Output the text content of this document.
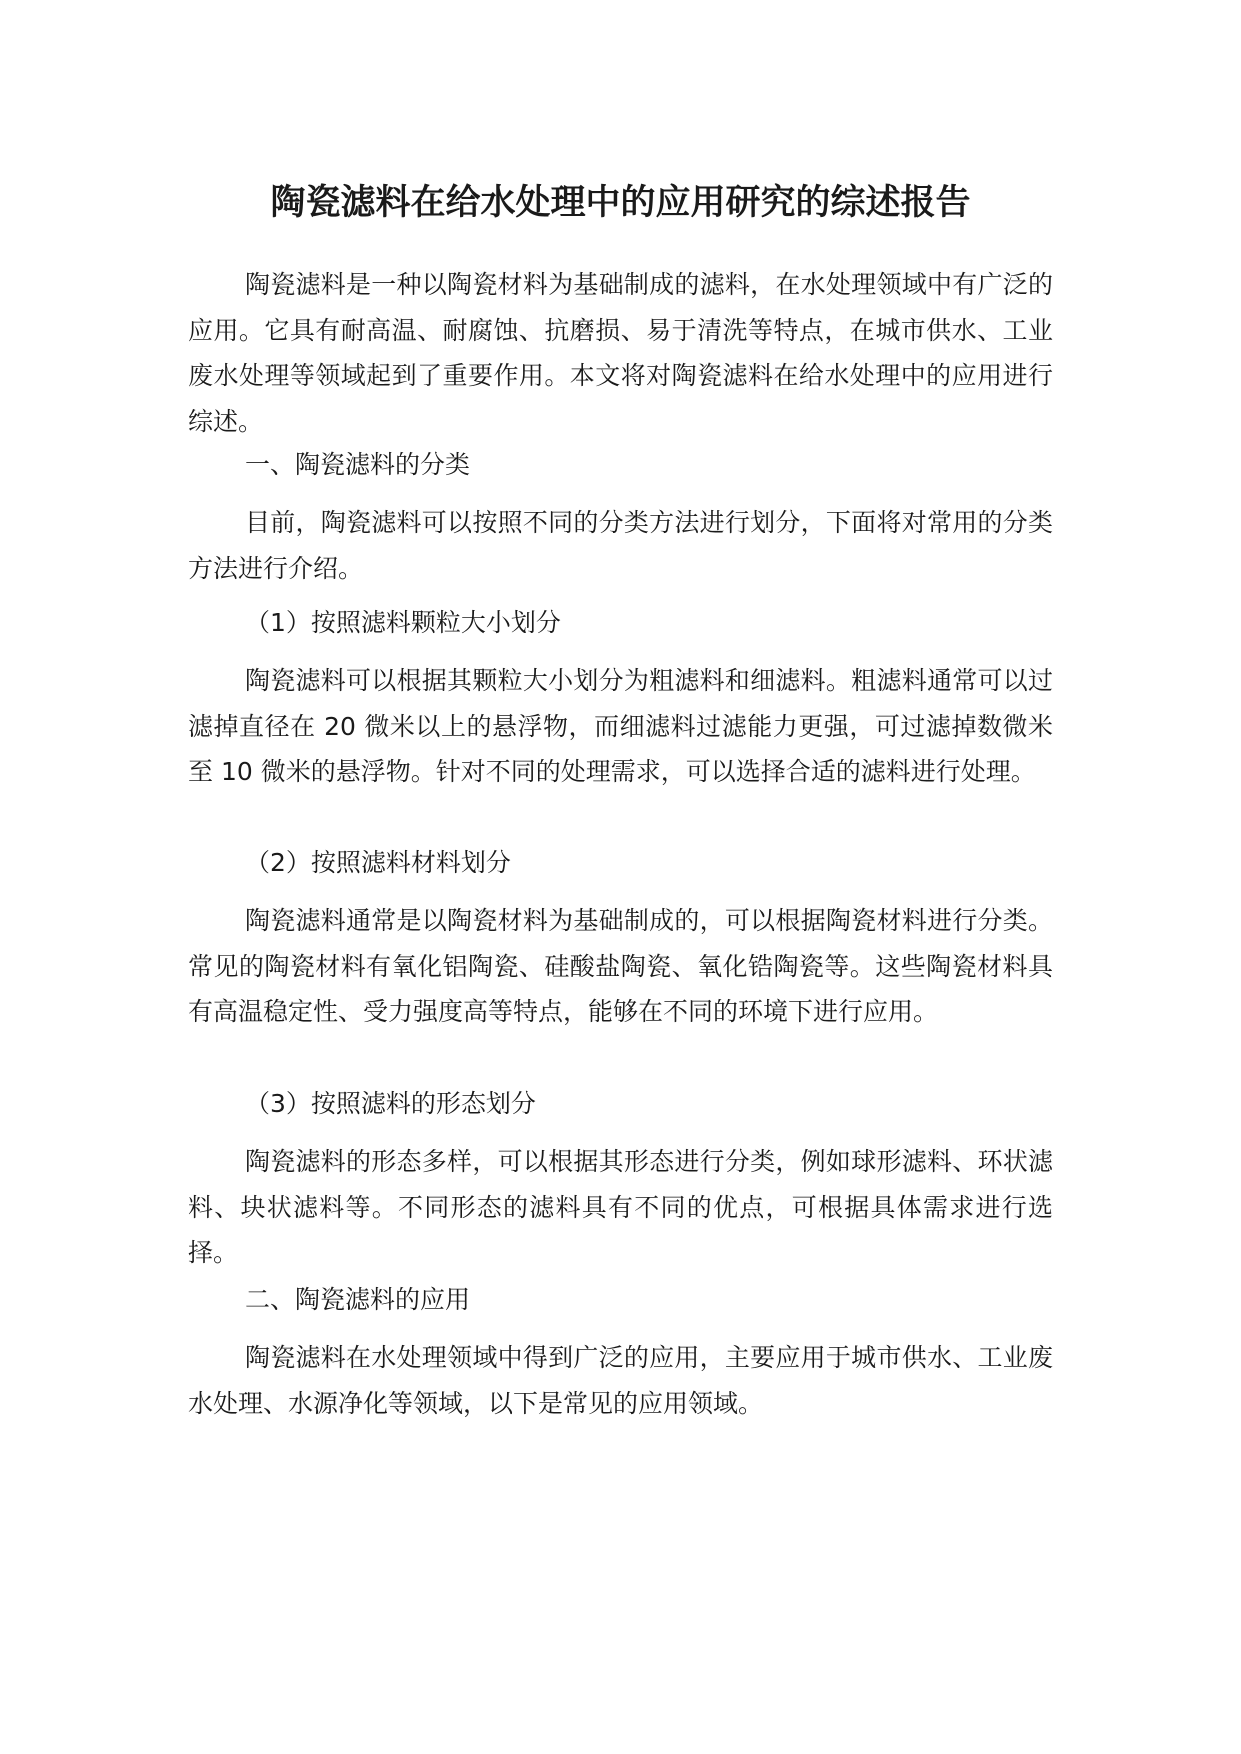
陶瓷滤料在给水处理中的应用研究的综述报告

陶瓷滤料是一种以陶瓷材料为基础制成的滤料，在水处理领域中有广泛的应用。它具有耐高温、耐腐蚀、抗磨损、易于清洗等特点，在城市供水、工业废水处理等领域起到了重要作用。本文将对陶瓷滤料在给水处理中的应用进行综述。

一、陶瓷滤料的分类

目前，陶瓷滤料可以按照不同的分类方法进行划分，下面将对常用的分类方法进行介绍。

（1）按照滤料颗粒大小划分

陶瓷滤料可以根据其颗粒大小划分为粗滤料和细滤料。粗滤料通常可以过滤掉直径在 20 微米以上的悬浮物，而细滤料过滤能力更强，可过滤掉数微米至 10 微米的悬浮物。针对不同的处理需求，可以选择合适的滤料进行处理。

（2）按照滤料材料划分

陶瓷滤料通常是以陶瓷材料为基础制成的，可以根据陶瓷材料进行分类。常见的陶瓷材料有氧化铝陶瓷、硅酸盐陶瓷、氧化锆陶瓷等。这些陶瓷材料具有高温稳定性、受力强度高等特点，能够在不同的环境下进行应用。

（3）按照滤料的形态划分

陶瓷滤料的形态多样，可以根据其形态进行分类，例如球形滤料、环状滤料、块状滤料等。不同形态的滤料具有不同的优点，可根据具体需求进行选择。

二、陶瓷滤料的应用

陶瓷滤料在水处理领域中得到广泛的应用，主要应用于城市供水、工业废水处理、水源净化等领域，以下是常见的应用领域。
